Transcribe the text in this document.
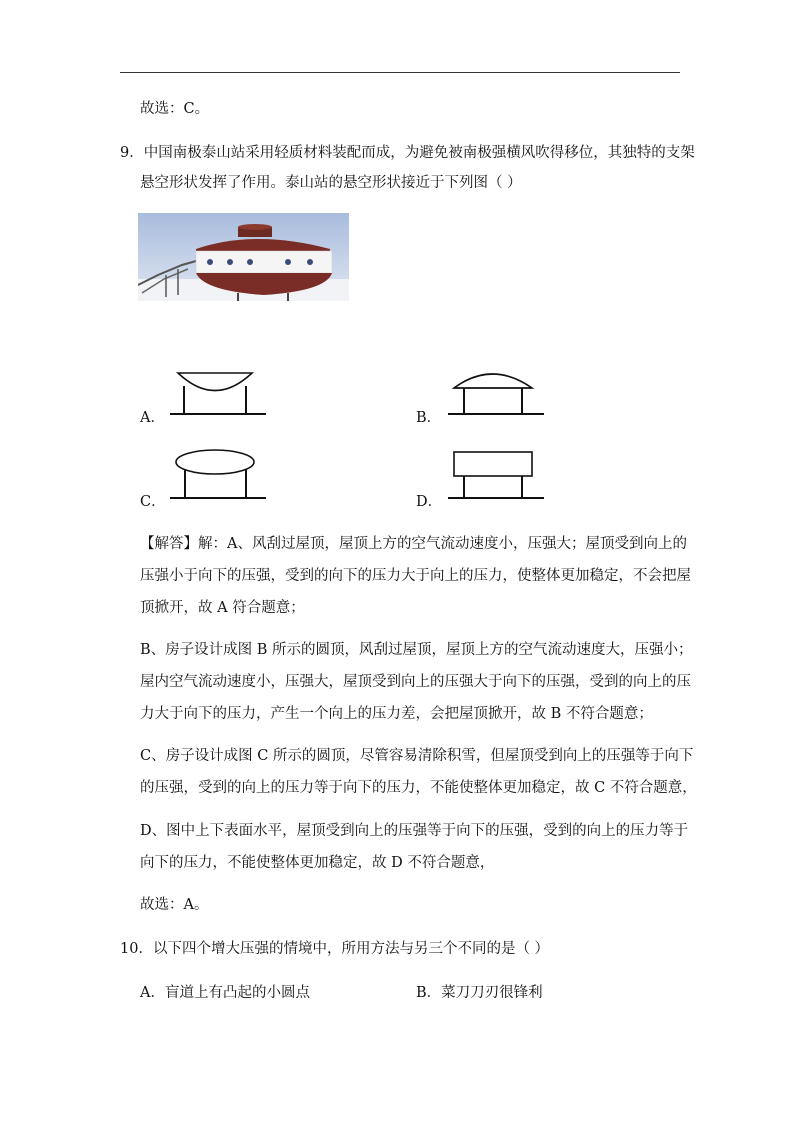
故选：C。
9．中国南极泰山站采用轻质材料装配而成，为避免被南极强横风吹得移位，其独特的支架
悬空形状发挥了作用。泰山站的悬空形状接近于下列图（ ）
A．	B．
C．	D．
【解答】解：A、风刮过屋顶，屋顶上方的空气流动速度小，压强大；屋顶受到向上的
压强小于向下的压强，受到的向下的压力大于向上的压力，使整体更加稳定，不会把屋
顶掀开，故 A 符合题意；
B、房子设计成图 B 所示的圆顶，风刮过屋顶，屋顶上方的空气流动速度大，压强小；
屋内空气流动速度小，压强大，屋顶受到向上的压强大于向下的压强，受到的向上的压
力大于向下的压力，产生一个向上的压力差，会把屋顶掀开，故 B 不符合题意；
C、房子设计成图 C 所示的圆顶，尽管容易清除积雪，但屋顶受到向上的压强等于向下
的压强，受到的向上的压力等于向下的压力，不能使整体更加稳定，故 C 不符合题意，
D、图中上下表面水平，屋顶受到向上的压强等于向下的压强，受到的向上的压力等于
向下的压力，不能使整体更加稳定，故 D 不符合题意，
故选：A。
10．以下四个增大压强的情境中，所用方法与另三个不同的是（ ）
A．盲道上有凸起的小圆点	B．菜刀刀刃很锋利
